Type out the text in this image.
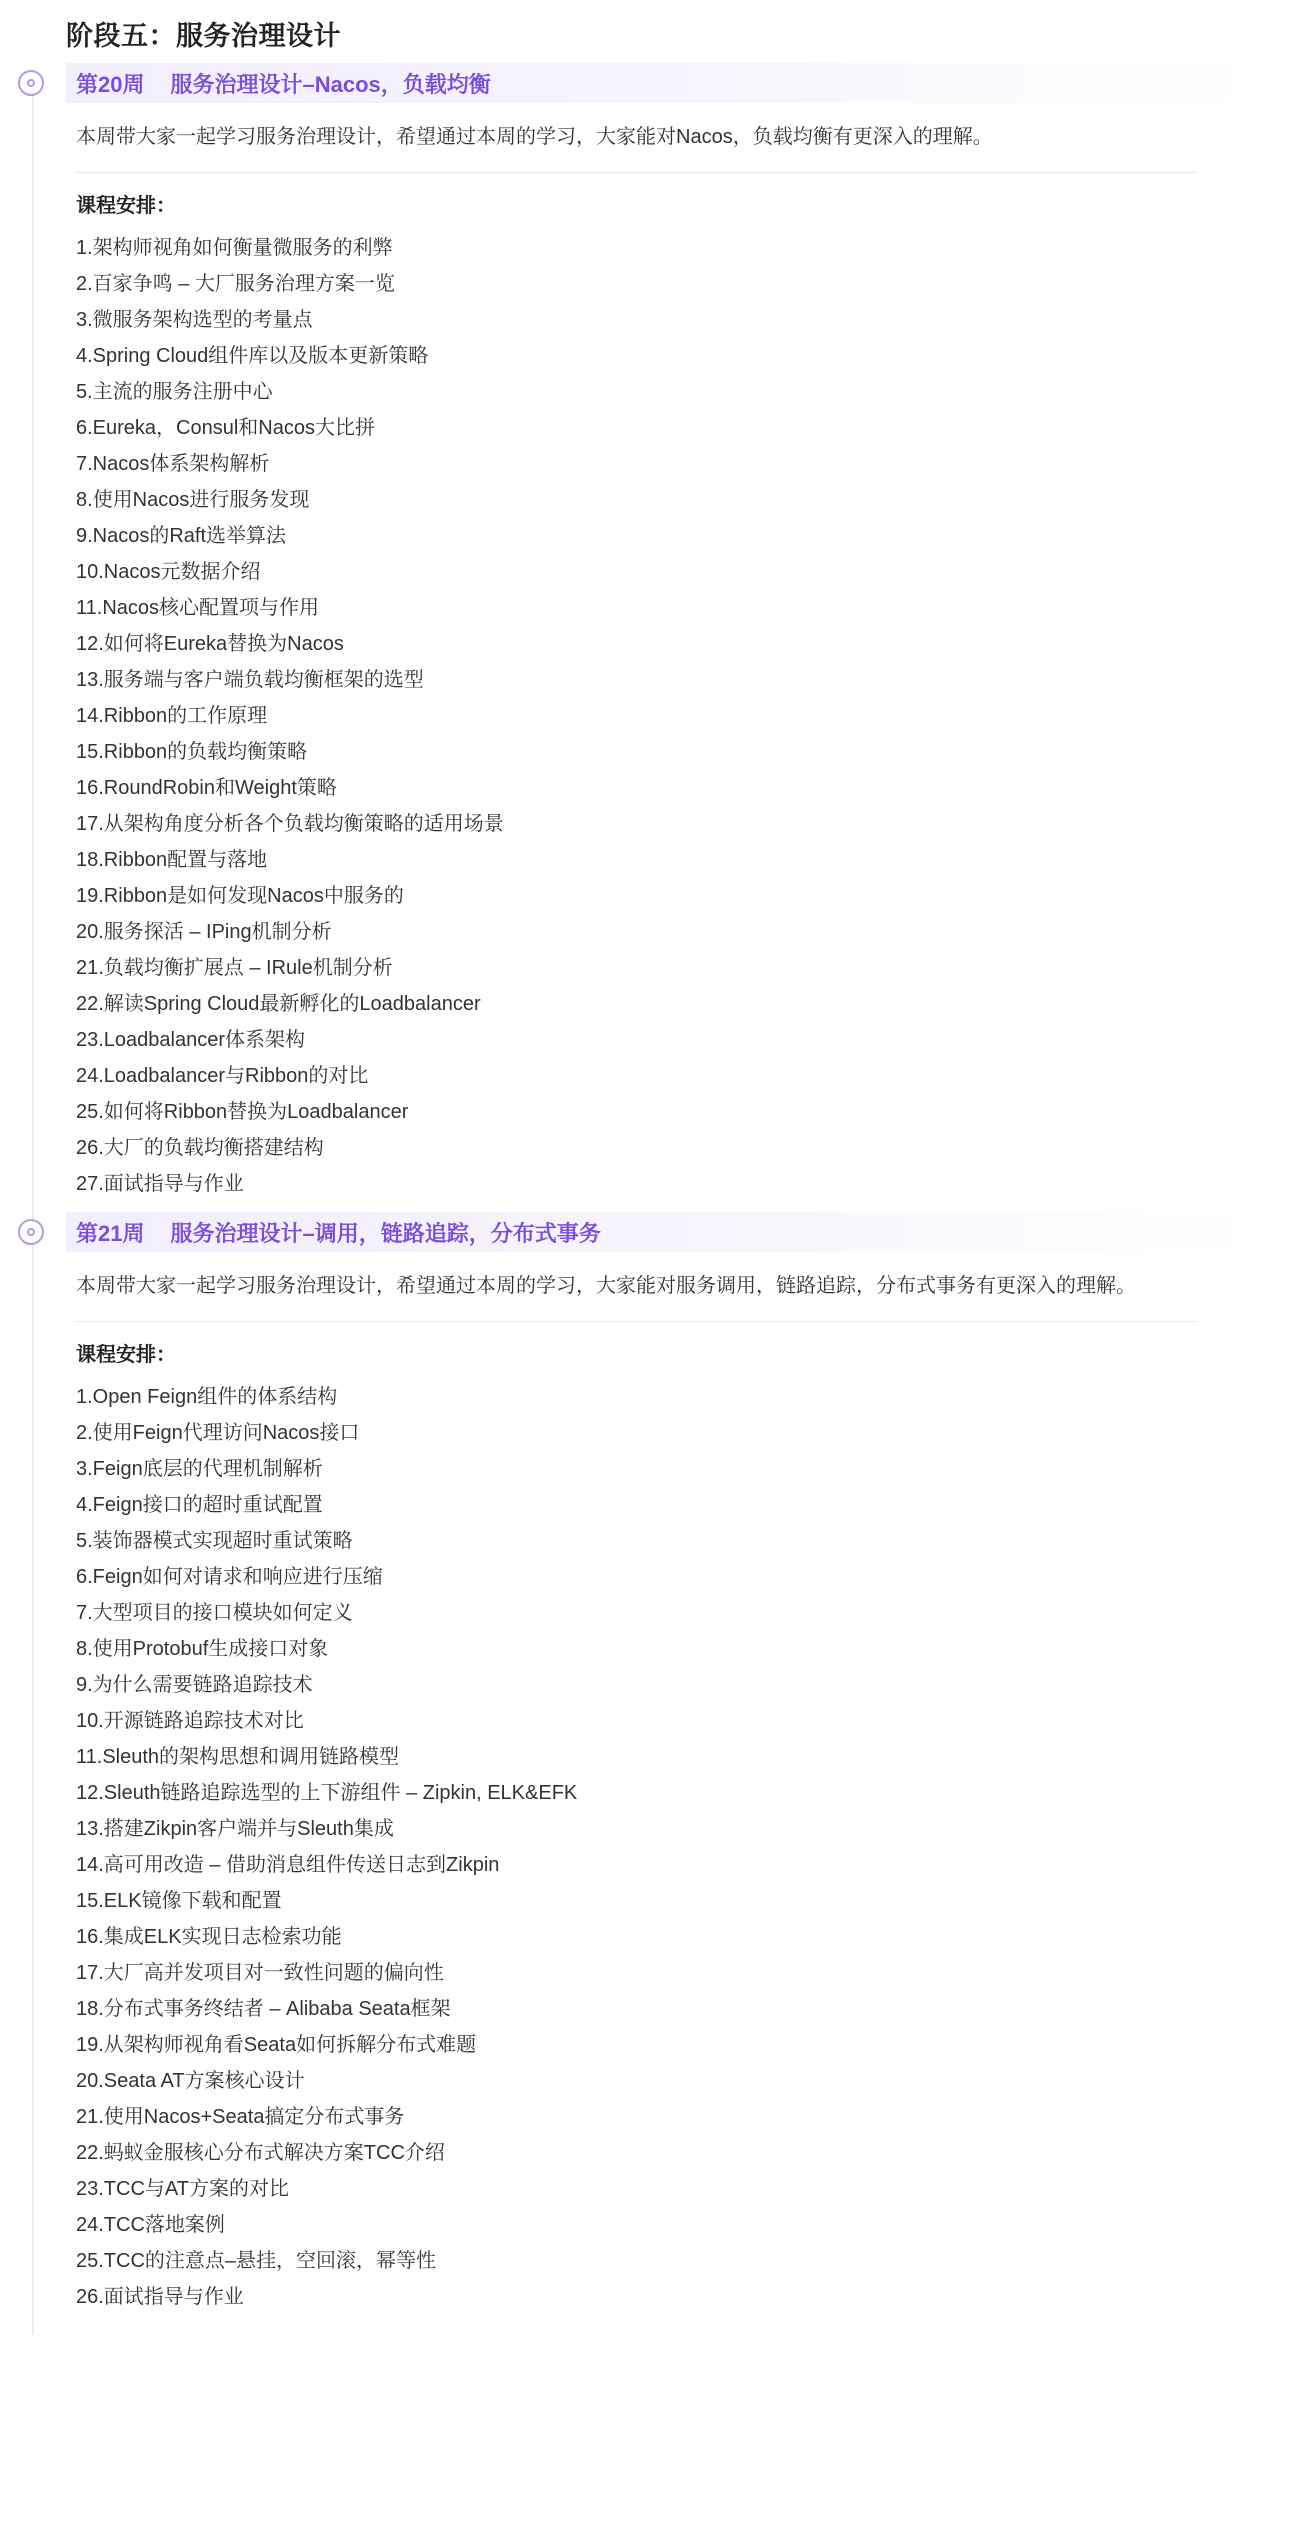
阶段五：服务治理设计
第20周 服务治理设计–Nacos，负载均衡

本周带大家一起学习服务治理设计，希望通过本周的学习，大家能对Nacos，负载均衡有更深入的理解。

课程安排：
1.架构师视角如何衡量微服务的利弊
2.百家争鸣 – 大厂服务治理方案一览
3.微服务架构选型的考量点
4.Spring Cloud组件库以及版本更新策略
5.主流的服务注册中心
6.Eureka，Consul和Nacos大比拼
7.Nacos体系架构解析
8.使用Nacos进行服务发现
9.Nacos的Raft选举算法
10.Nacos元数据介绍
11.Nacos核心配置项与作用
12.如何将Eureka替换为Nacos
13.服务端与客户端负载均衡框架的选型
14.Ribbon的工作原理
15.Ribbon的负载均衡策略
16.RoundRobin和Weight策略
17.从架构角度分析各个负载均衡策略的适用场景
18.Ribbon配置与落地
19.Ribbon是如何发现Nacos中服务的
20.服务探活 – IPing机制分析
21.负载均衡扩展点 – IRule机制分析
22.解读Spring Cloud最新孵化的Loadbalancer
23.Loadbalancer体系架构
24.Loadbalancer与Ribbon的对比
25.如何将Ribbon替换为Loadbalancer
26.大厂的负载均衡搭建结构
27.面试指导与作业
第21周 服务治理设计–调用，链路追踪，分布式事务

本周带大家一起学习服务治理设计，希望通过本周的学习，大家能对服务调用，链路追踪，分布式事务有更深入的理解。

课程安排：
1.Open Feign组件的体系结构
2.使用Feign代理访问Nacos接口
3.Feign底层的代理机制解析
4.Feign接口的超时重试配置
5.装饰器模式实现超时重试策略
6.Feign如何对请求和响应进行压缩
7.大型项目的接口模块如何定义
8.使用Protobuf生成接口对象
9.为什么需要链路追踪技术
10.开源链路追踪技术对比
11.Sleuth的架构思想和调用链路模型
12.Sleuth链路追踪选型的上下游组件 – Zipkin, ELK&EFK
13.搭建Zikpin客户端并与Sleuth集成
14.高可用改造 – 借助消息组件传送日志到Zikpin
15.ELK镜像下载和配置
16.集成ELK实现日志检索功能
17.大厂高并发项目对一致性问题的偏向性
18.分布式事务终结者 – Alibaba Seata框架
19.从架构师视角看Seata如何拆解分布式难题
20.Seata AT方案核心设计
21.使用Nacos+Seata搞定分布式事务
22.蚂蚁金服核心分布式解决方案TCC介绍
23.TCC与AT方案的对比
24.TCC落地案例
25.TCC的注意点–悬挂，空回滚，幂等性
26.面试指导与作业
